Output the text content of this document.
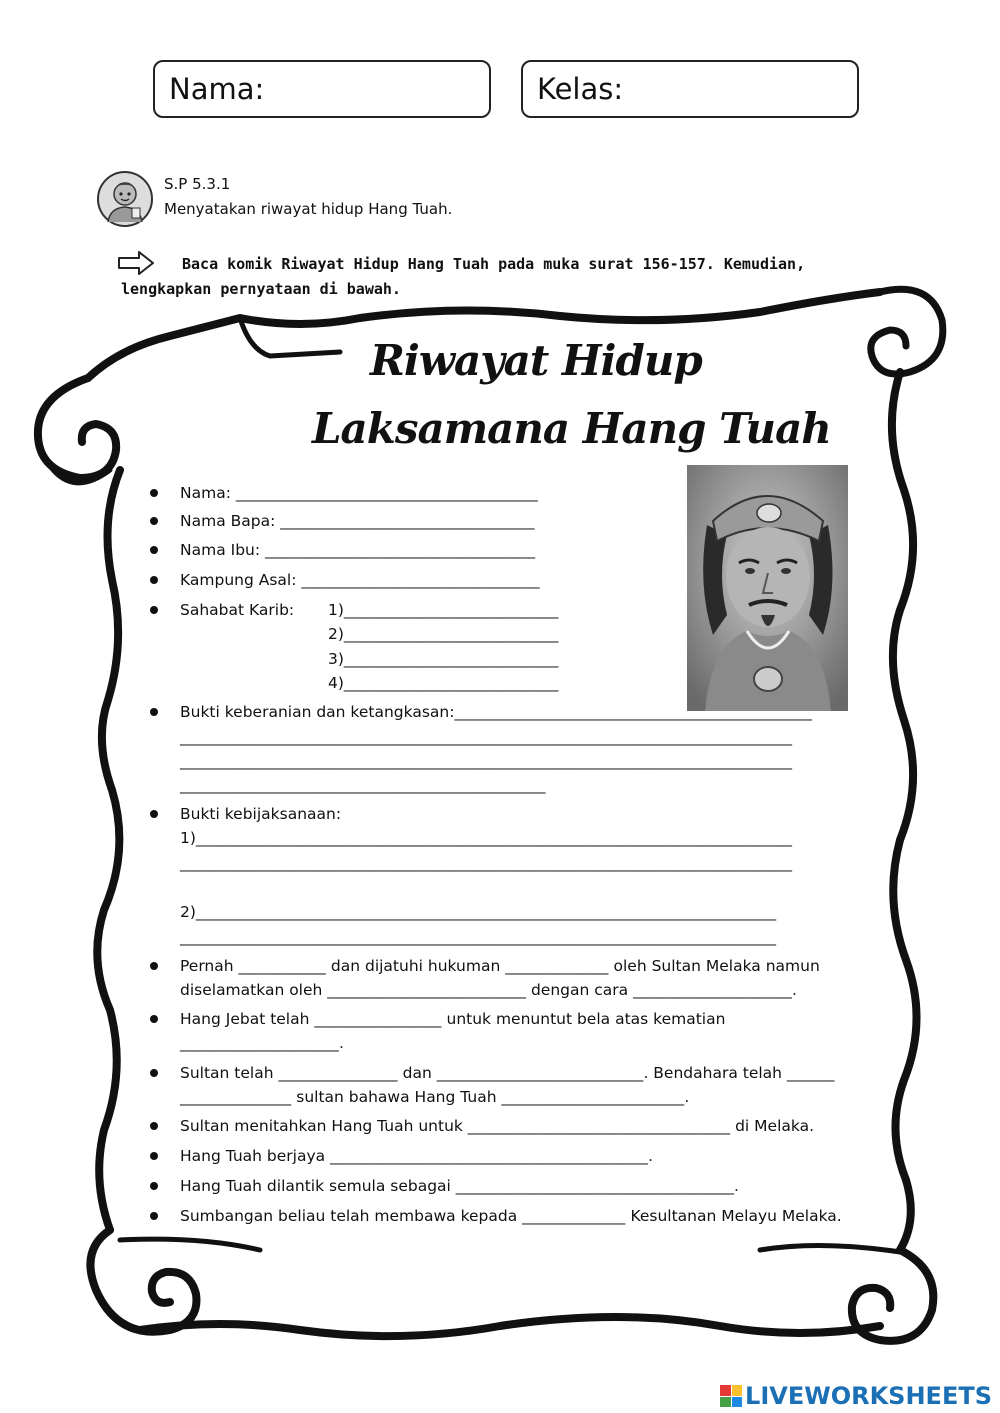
Nama:	Kelas:
S.P 5.3.1
Menyatakan riwayat hidup Hang Tuah.
Baca komik Riwayat Hidup Hang Tuah pada muka surat 156-157. Kemudian,
lengkapkan pernyataan di bawah.
Riwayat Hidup
Laksamana Hang Tuah
Nama: ______________________________________
Nama Bapa: ________________________________
Nama Ibu: __________________________________
Kampung Asal: ______________________________
Sahabat Karib: 1)___________________________
2)___________________________
3)___________________________
4)___________________________
Bukti keberanian dan ketangkasan:_____________________________________________
_____________________________________________________________________________
_____________________________________________________________________________
______________________________________________
Bukti kebijaksanaan:
1)___________________________________________________________________________
_____________________________________________________________________________
2)_________________________________________________________________________
___________________________________________________________________________
Pernah ___________ dan dijatuhi hukuman _____________ oleh Sultan Melaka namun
diselamatkan oleh _________________________ dengan cara ____________________.
Hang Jebat telah ________________ untuk menuntut bela atas kematian
____________________.
Sultan telah _______________ dan __________________________. Bendahara telah ______
______________ sultan bahawa Hang Tuah _______________________.
Sultan menitahkan Hang Tuah untuk _________________________________ di Melaka.
Hang Tuah berjaya ________________________________________.
Hang Tuah dilantik semula sebagai ___________________________________.
Sumbangan beliau telah membawa kepada _____________ Kesultanan Melayu Melaka.
LIVEWORKSHEETS
